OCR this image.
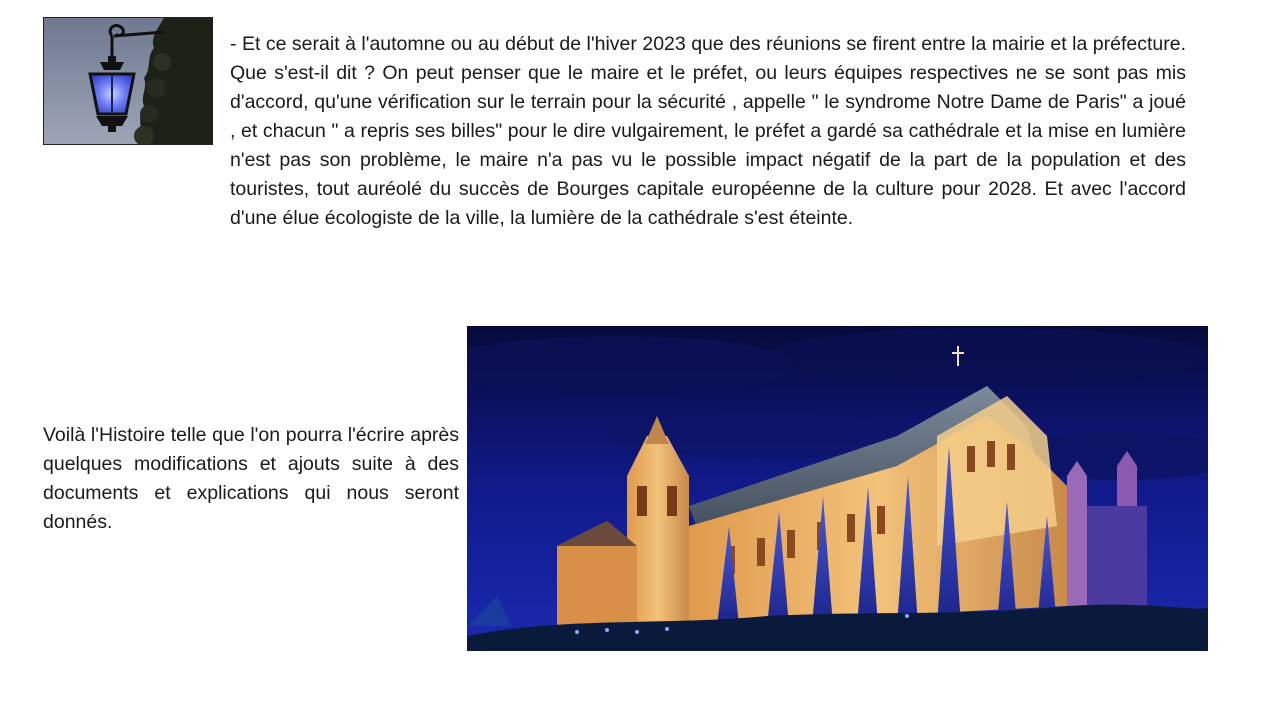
- Et ce serait à l'automne ou au début de l'hiver 2023 que des réunions se firent entre la mairie et la préfecture. Que s'est-il dit ? On peut penser que le maire et le préfet, ou leurs équipes respectives ne se sont pas mis d'accord, qu'une vérification sur le terrain pour la sécurité , appelle " le syndrome Notre Dame de Paris" a joué , et chacun " a repris ses billes" pour le dire vulgairement, le préfet a gardé sa cathédrale et la mise en lumière n'est pas son problème, le maire n'a pas vu le possible impact négatif de la part de la population et des touristes, tout auréolé du succès de Bourges capitale européenne de la culture pour 2028. Et avec l'accord d'une élue écologiste de la ville, la lumière de la cathédrale s'est éteinte.

Voilà l'Histoire telle que l'on pourra l'écrire après quelques modifications et ajouts suite à des documents et explications qui nous seront donnés.
